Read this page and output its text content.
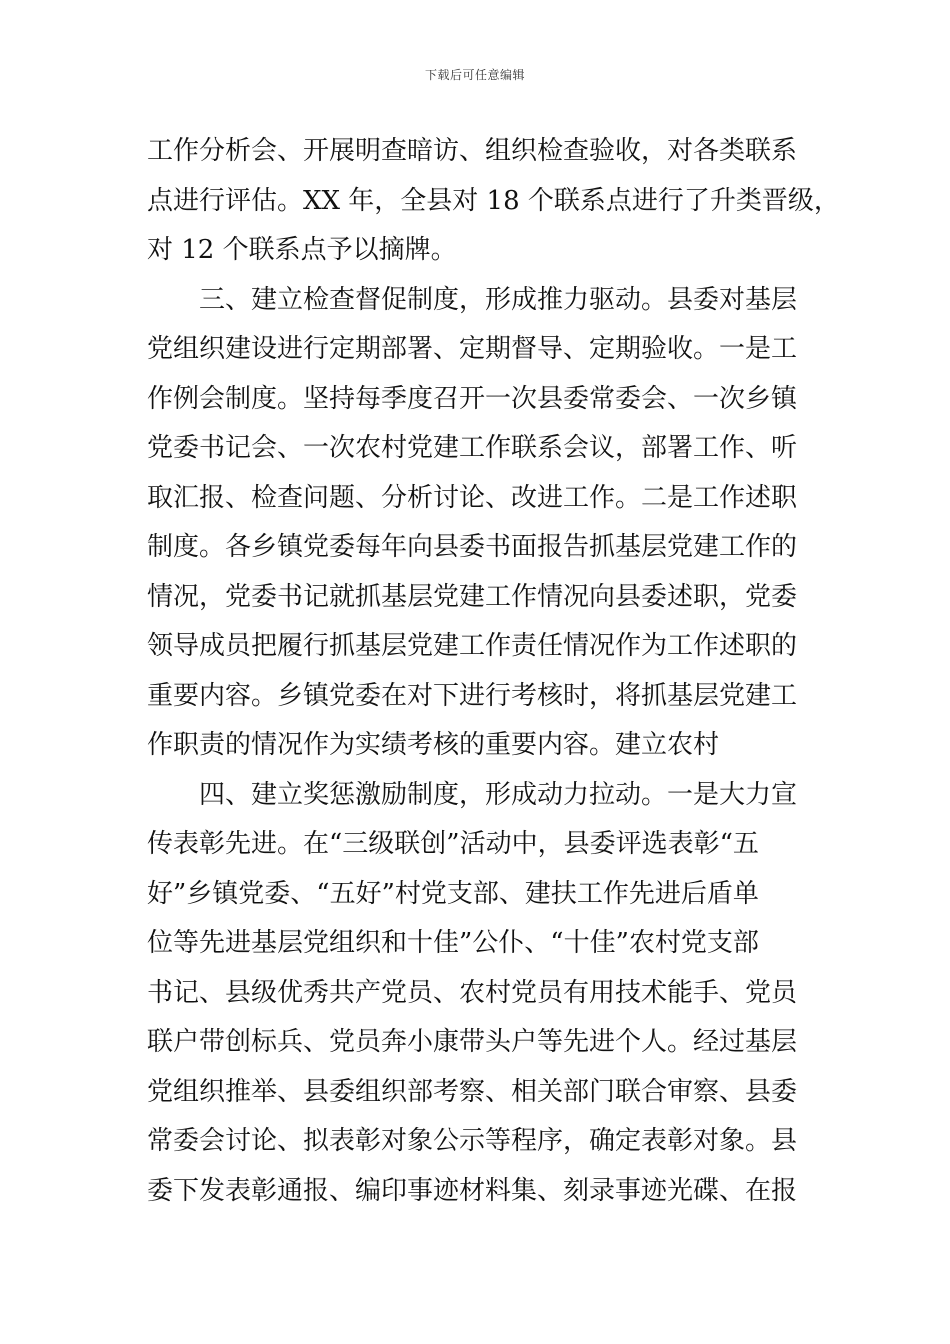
下载后可任意编辑
工作分析会、开展明查暗访、组织检查验收，对各类联系
点进行评估。XX 年，全县对 18 个联系点进行了升类晋级，
对 12 个联系点予以摘牌。
三、建立检查督促制度，形成推力驱动。县委对基层
党组织建设进行定期部署、定期督导、定期验收。一是工
作例会制度。坚持每季度召开一次县委常委会、一次乡镇
党委书记会、一次农村党建工作联系会议，部署工作、听
取汇报、检查问题、分析讨论、改进工作。二是工作述职
制度。各乡镇党委每年向县委书面报告抓基层党建工作的
情况，党委书记就抓基层党建工作情况向县委述职，党委
领导成员把履行抓基层党建工作责任情况作为工作述职的
重要内容。乡镇党委在对下进行考核时，将抓基层党建工
作职责的情况作为实绩考核的重要内容。建立农村
四、建立奖惩激励制度，形成动力拉动。一是大力宣
传表彰先进。在“三级联创”活动中，县委评选表彰“五
好”乡镇党委、“五好”村党支部、建扶工作先进后盾单
位等先进基层党组织和十佳”公仆、“十佳”农村党支部
书记、县级优秀共产党员、农村党员有用技术能手、党员
联户带创标兵、党员奔小康带头户等先进个人。经过基层
党组织推举、县委组织部考察、相关部门联合审察、县委
常委会讨论、拟表彰对象公示等程序，确定表彰对象。县
委下发表彰通报、编印事迹材料集、刻录事迹光碟、在报
